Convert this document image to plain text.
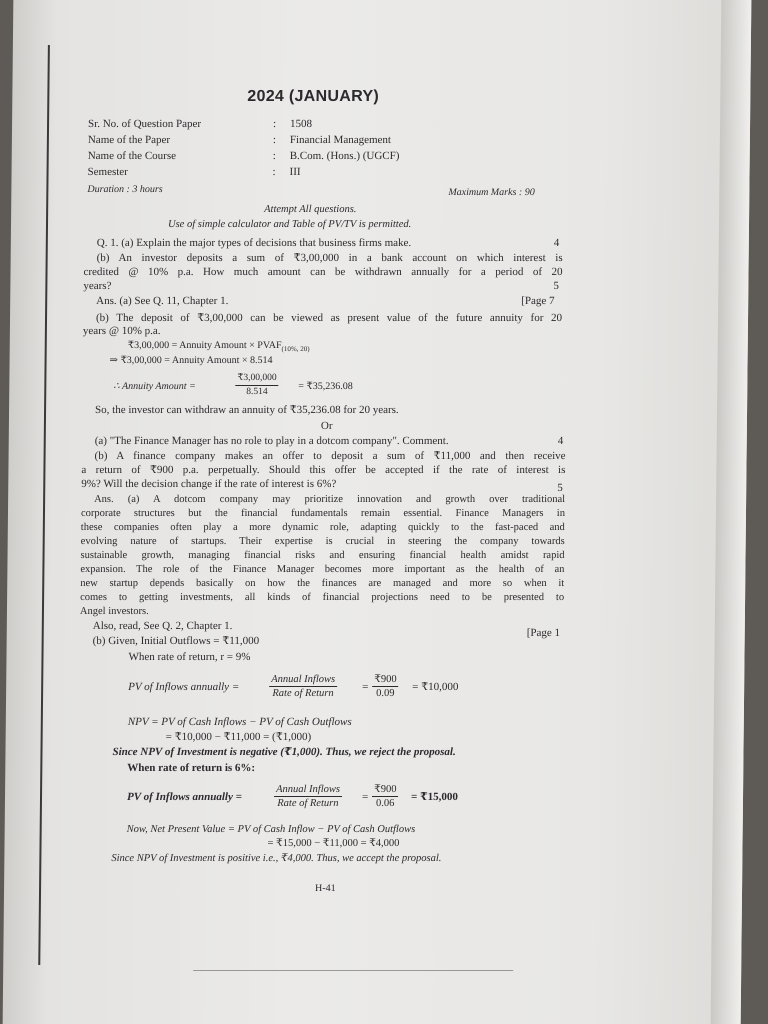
2024 (JANUARY)
Sr. No. of Question Paper	: 1508
Name of the Paper	: Financial Management
Name of the Course	: B.Com. (Hons.) (UGCF)
Semester	: III
Duration : 3 hours	Maximum Marks : 90
Attempt All questions.
Use of simple calculator and Table of PV/TV is permitted.
Q. 1. (a) Explain the major types of decisions that business firms make.	4
(b) An investor deposits a sum of ₹3,00,000 in a bank account on which interest is
credited @ 10% p.a. How much amount can be withdrawn annually for a period of 20
years?	5
Ans. (a) See Q. 11, Chapter 1.	[Page 7
(b) The deposit of ₹3,00,000 can be viewed as present value of the future annuity for 20
years @ 10% p.a.
₹3,00,000 = Annuity Amount × $PVAF_{(10\%, 20)}$
⇒ ₹3,00,000 = Annuity Amount × 8.514
∴ Annuity Amount =	$\frac{₹3,00,000}{8.514}$ = ₹35,236.08
So, the investor can withdraw an annuity of ₹35,236.08 for 20 years.
Or
(a) "The Finance Manager has no role to play in a dotcom company". Comment.	4
(b) A finance company makes an offer to deposit a sum of ₹11,000 and then receive
a return of ₹900 p.a. perpetually. Should this offer be accepted if the rate of interest is
9%? Will the decision change if the rate of interest is 6%?	5
Ans. (a) A dotcom company may prioritize innovation and growth over traditional
corporate structures but the financial fundamentals remain essential. Finance Managers in
these companies often play a more dynamic role, adapting quickly to the fast-paced and
evolving nature of startups. Their expertise is crucial in steering the company towards
sustainable growth, managing financial risks and ensuring financial health amidst rapid
expansion. The role of the Finance Manager becomes more important as the health of an
new startup depends basically on how the finances are managed and more so when it
comes to getting investments, all kinds of financial projections need to be presented to
Angel investors.
Also, read, See Q. 2, Chapter 1.
[Page 1
(b) Given, Initial Outflows = ₹11,000
When rate of return, r = 9%
PV of Inflows annually =
Annual Inflows
Rate of Return
= $\frac{₹900}{0.09}$ = ₹10,000
NPV = PV of Cash Inflows − PV of Cash Outflows
= ₹10,000 − ₹11,000 = (₹1,000)
Since NPV of Investment is negative (₹1,000). Thus, we reject the proposal.
When rate of return is 6%:
PV of Inflows annually =
Annual Inflows
Rate of Return
= $\frac{₹900}{0.06}$ = ₹15,000
Now, Net Present Value = PV of Cash Inflow − PV of Cash Outflows
= ₹15,000 − ₹11,000 = ₹4,000
Since NPV of Investment is positive i.e., ₹4,000. Thus, we accept the proposal.
H-41
